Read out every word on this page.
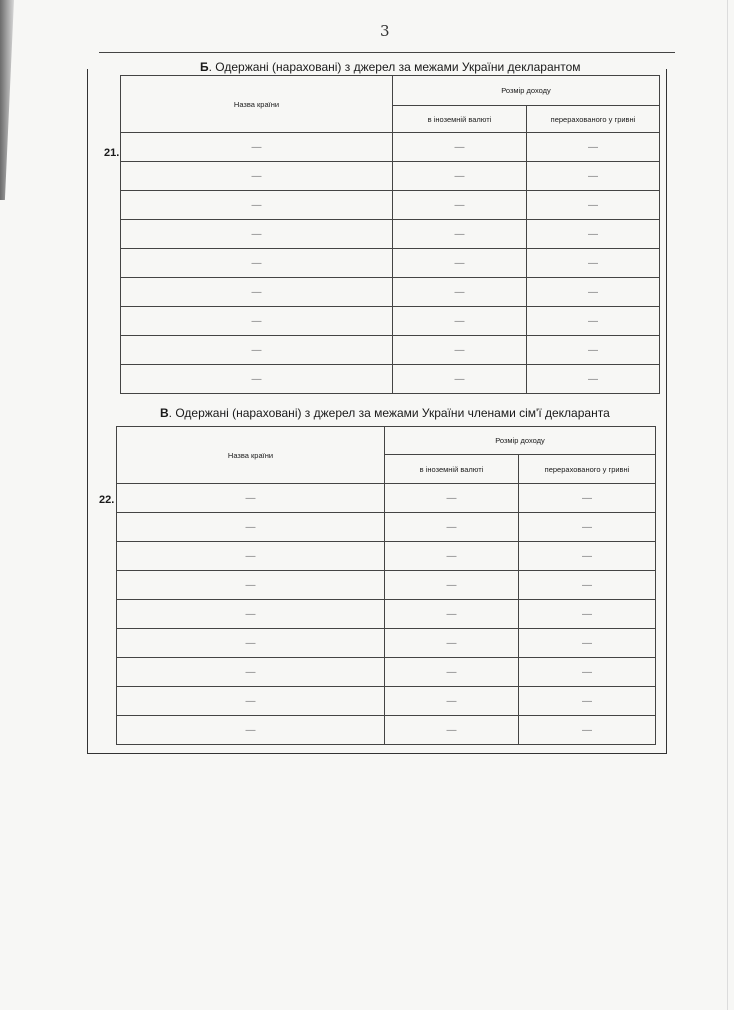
3
Б. Одержані (нараховані) з джерел за межами України декларантом
21.
Назва країни	Розмір доходу	
	в іноземній валюті	перерахованого у гривні
—	—	—
—	—	—
—	—	—
—	—	—
—	—	—
—	—	—
—	—	—
—	—	—
—	—	—
В. Одержані (нараховані) з джерел за межами України членами сім'ї декларанта
22.
Назва країни	Розмір доходу	
	в іноземній валюті	перерахованого у гривні
—	—	—
—	—	—
—	—	—
—	—	—
—	—	—
—	—	—
—	—	—
—	—	—
—	—	—
